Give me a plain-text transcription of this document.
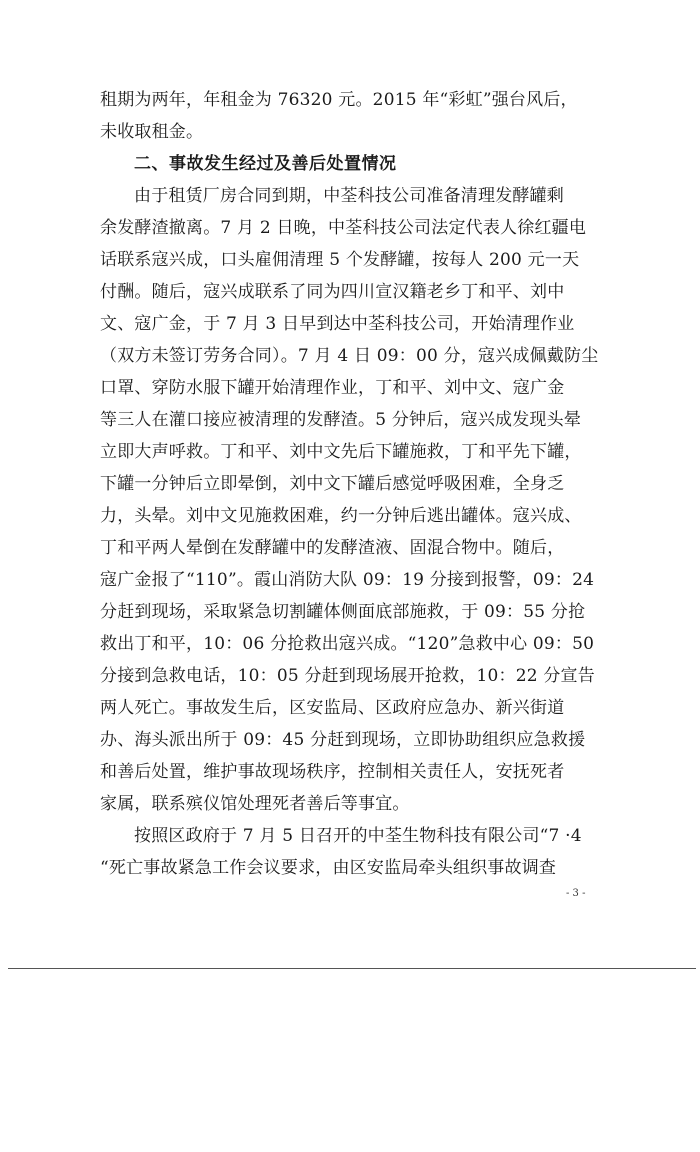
租期为两年，年租金为 76320 元。2015 年“彩虹”强台风后，
未收取租金。
二、事故发生经过及善后处置情况
由于租赁厂房合同到期，中荃科技公司准备清理发酵罐剩
余发酵渣撤离。7 月 2 日晚，中荃科技公司法定代表人徐红疆电
话联系寇兴成，口头雇佣清理 5 个发酵罐，按每人 200 元一天
付酬。随后，寇兴成联系了同为四川宣汉籍老乡丁和平、刘中
文、寇广金，于 7 月 3 日早到达中荃科技公司，开始清理作业
（双方未签订劳务合同）。7 月 4 日 09：00 分，寇兴成佩戴防尘
口罩、穿防水服下罐开始清理作业，丁和平、刘中文、寇广金
等三人在灌口接应被清理的发酵渣。5 分钟后，寇兴成发现头晕
立即大声呼救。丁和平、刘中文先后下罐施救，丁和平先下罐，
下罐一分钟后立即晕倒，刘中文下罐后感觉呼吸困难，全身乏
力，头晕。刘中文见施救困难，约一分钟后逃出罐体。寇兴成、
丁和平两人晕倒在发酵罐中的发酵渣液、固混合物中。随后，
寇广金报了“110”。霞山消防大队 09：19 分接到报警，09：24
分赶到现场，采取紧急切割罐体侧面底部施救，于 09：55 分抢
救出丁和平，10：06 分抢救出寇兴成。“120”急救中心 09：50
分接到急救电话，10：05 分赶到现场展开抢救，10：22 分宣告
两人死亡。事故发生后，区安监局、区政府应急办、新兴街道
办、海头派出所于 09：45 分赶到现场，立即协助组织应急救援
和善后处置，维护事故现场秩序，控制相关责任人，安抚死者
家属，联系殡仪馆处理死者善后等事宜。
按照区政府于 7 月 5 日召开的中荃生物科技有限公司“7 ·4
“死亡事故紧急工作会议要求，由区安监局牵头组织事故调查
- 3 -
